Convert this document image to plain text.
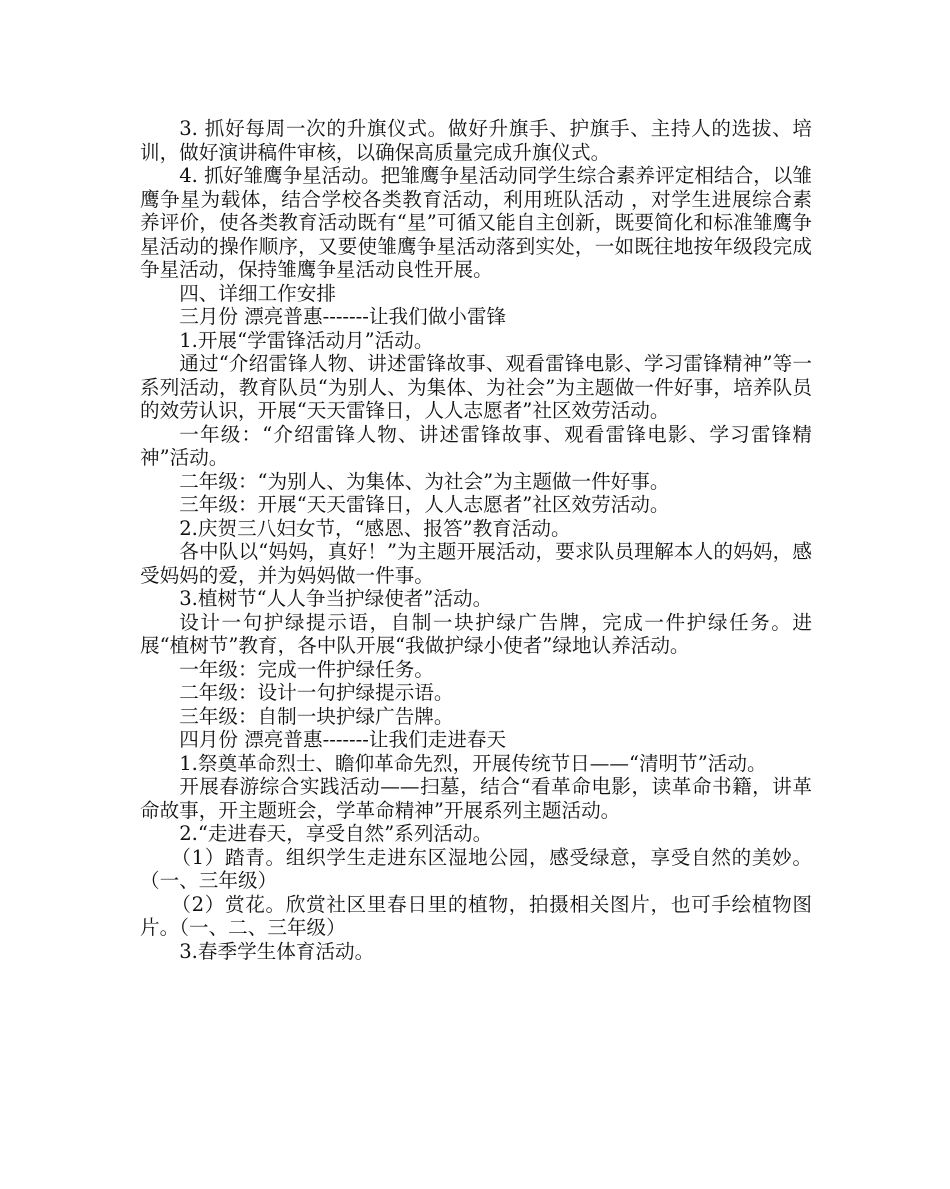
3. 抓好每周一次的升旗仪式。做好升旗手、护旗手、主持人的选拔、培训，做好演讲稿件审核，以确保高质量完成升旗仪式。

4. 抓好雏鹰争星活动。把雏鹰争星活动同学生综合素养评定相结合，以雏鹰争星为载体，结合学校各类教育活动，利用班队活动 ，对学生进展综合素养评价，使各类教育活动既有“星”可循又能自主创新，既要简化和标准雏鹰争星活动的操作顺序，又要使雏鹰争星活动落到实处，一如既往地按年级段完成争星活动，保持雏鹰争星活动良性开展。

四、详细工作安排

三月份 漂亮普惠-------让我们做小雷锋

1.开展“学雷锋活动月”活动。

通过“介绍雷锋人物、讲述雷锋故事、观看雷锋电影、学习雷锋精神”等一系列活动，教育队员“为别人、为集体、为社会”为主题做一件好事，培养队员的效劳认识，开展“天天雷锋日，人人志愿者”社区效劳活动。

一年级：“介绍雷锋人物、讲述雷锋故事、观看雷锋电影、学习雷锋精神”活动。

二年级：“为别人、为集体、为社会”为主题做一件好事。

三年级：开展“天天雷锋日，人人志愿者”社区效劳活动。

2.庆贺三八妇女节，“感恩、报答”教育活动。

各中队以“妈妈，真好！”为主题开展活动，要求队员理解本人的妈妈，感受妈妈的爱，并为妈妈做一件事。

3.植树节“人人争当护绿使者”活动。

设计一句护绿提示语，自制一块护绿广告牌，完成一件护绿任务。进展“植树节”教育，各中队开展“我做护绿小使者”绿地认养活动。

一年级：完成一件护绿任务。

二年级：设计一句护绿提示语。

三年级：自制一块护绿广告牌。

四月份 漂亮普惠-------让我们走进春天

1.祭奠革命烈士、瞻仰革命先烈，开展传统节日——“清明节”活动。

开展春游综合实践活动——扫墓，结合“看革命电影，读革命书籍，讲革命故事，开主题班会，学革命精神”开展系列主题活动。

2.“走进春天，享受自然”系列活动。

（1）踏青。组织学生走进东区湿地公园，感受绿意，享受自然的美妙。（一、三年级）

（2）赏花。欣赏社区里春日里的植物，拍摄相关图片，也可手绘植物图片。（一、二、三年级）

3.春季学生体育活动。
